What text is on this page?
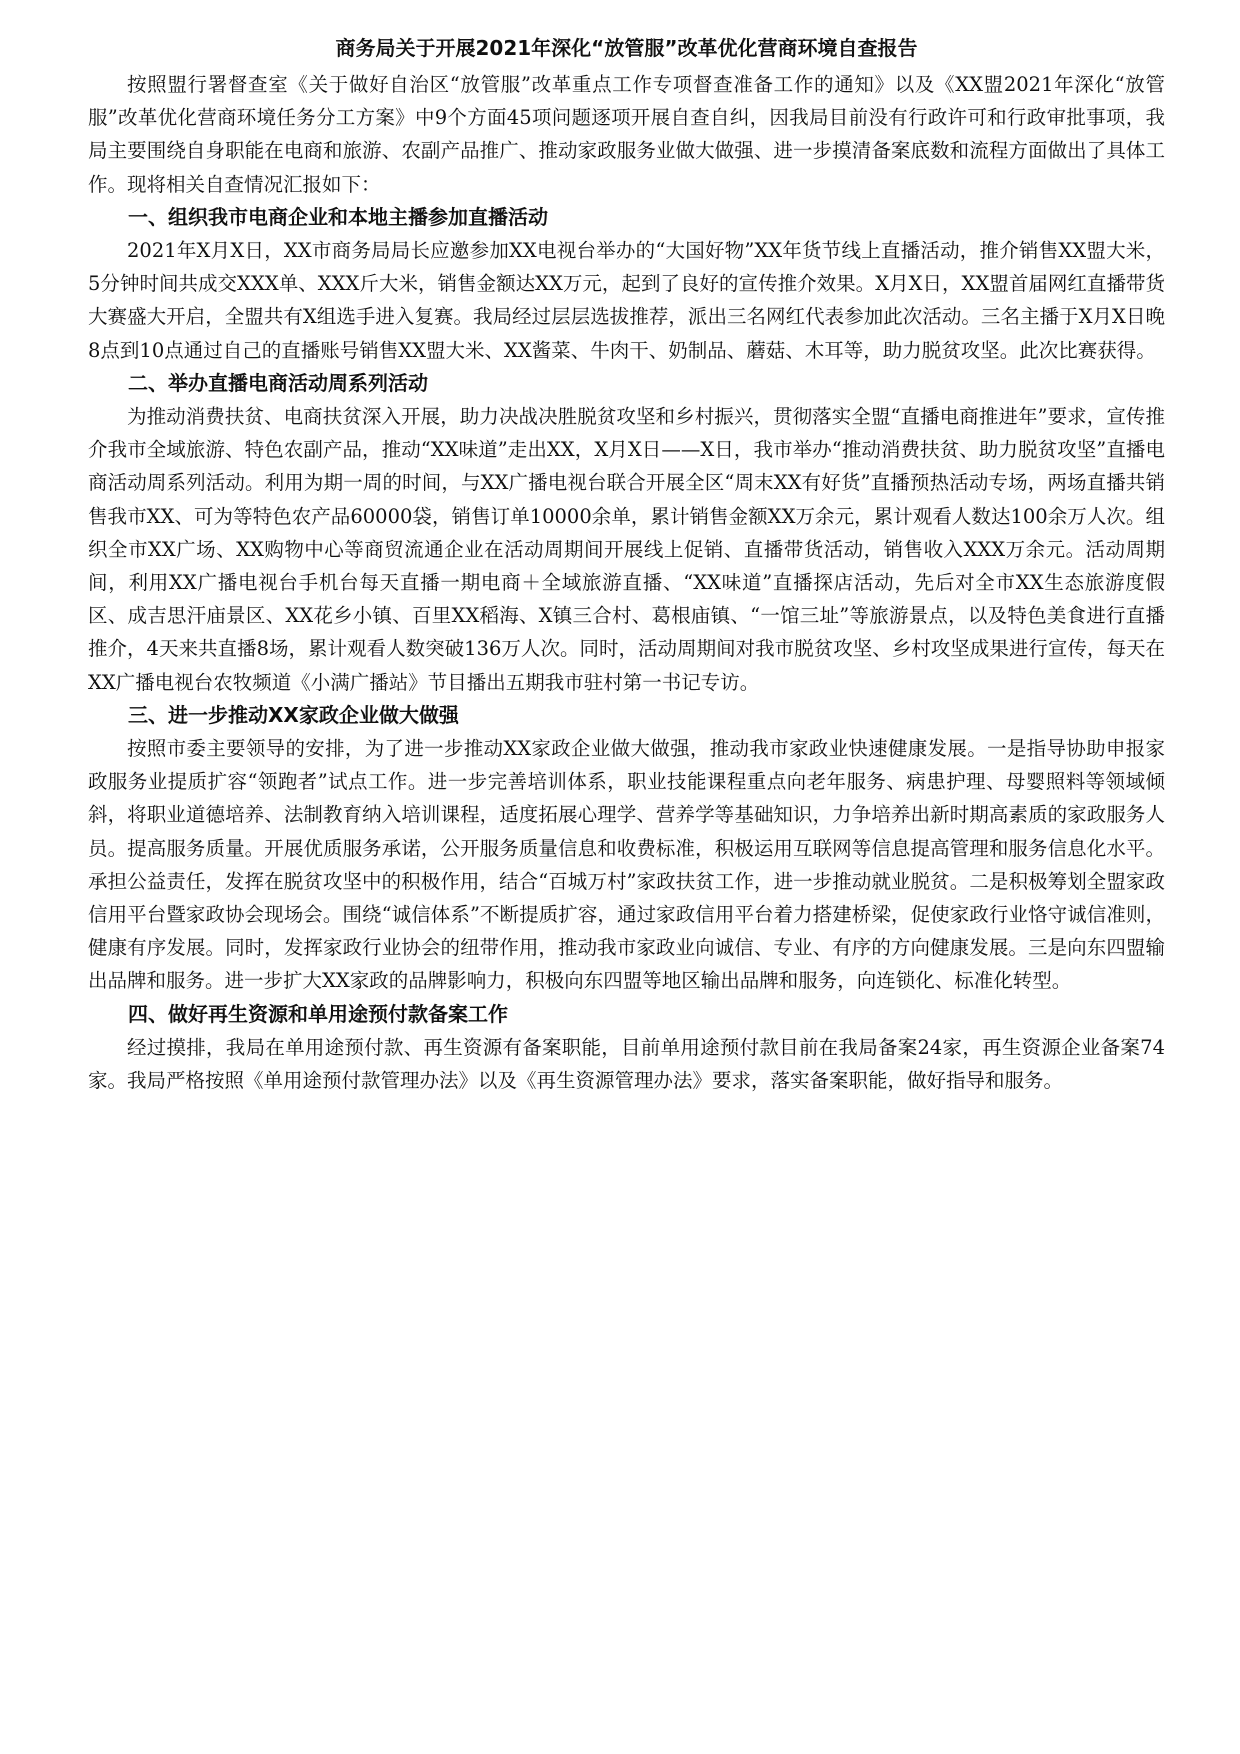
商务局关于开展2021年深化“放管服”改革优化营商环境自查报告

按照盟行署督查室《关于做好自治区“放管服”改革重点工作专项督查准备工作的通知》以及《XX盟2021年深化“放管服”改革优化营商环境任务分工方案》中9个方面45项问题逐项开展自查自纠，因我局目前没有行政许可和行政审批事项，我局主要围绕自身职能在电商和旅游、农副产品推广、推动家政服务业做大做强、进一步摸清备案底数和流程方面做出了具体工作。现将相关自查情况汇报如下：

一、组织我市电商企业和本地主播参加直播活动

2021年X月X日，XX市商务局局长应邀参加XX电视台举办的“大国好物”XX年货节线上直播活动，推介销售XX盟大米，5分钟时间共成交XXX单、XXX斤大米，销售金额达XX万元，起到了良好的宣传推介效果。X月X日，XX盟首届网红直播带货大赛盛大开启，全盟共有X组选手进入复赛。我局经过层层选拔推荐，派出三名网红代表参加此次活动。三名主播于X月X日晚8点到10点通过自己的直播账号销售XX盟大米、XX酱菜、牛肉干、奶制品、蘑菇、木耳等，助力脱贫攻坚。此次比赛获得。

二、举办直播电商活动周系列活动

为推动消费扶贫、电商扶贫深入开展，助力决战决胜脱贫攻坚和乡村振兴，贯彻落实全盟“直播电商推进年”要求，宣传推介我市全域旅游、特色农副产品，推动“XX味道”走出XX，X月X日——X日，我市举办“推动消费扶贫、助力脱贫攻坚”直播电商活动周系列活动。利用为期一周的时间，与XX广播电视台联合开展全区“周末XX有好货”直播预热活动专场，两场直播共销售我市XX、可为等特色农产品60000袋，销售订单10000余单，累计销售金额XX万余元，累计观看人数达100余万人次。组织全市XX广场、XX购物中心等商贸流通企业在活动周期间开展线上促销、直播带货活动，销售收入XXX万余元。活动周期间，利用XX广播电视台手机台每天直播一期电商＋全域旅游直播、“XX味道”直播探店活动，先后对全市XX生态旅游度假区、成吉思汗庙景区、XX花乡小镇、百里XX稻海、X镇三合村、葛根庙镇、“一馆三址”等旅游景点，以及特色美食进行直播推介，4天来共直播8场，累计观看人数突破136万人次。同时，活动周期间对我市脱贫攻坚、乡村攻坚成果进行宣传，每天在XX广播电视台农牧频道《小满广播站》节目播出五期我市驻村第一书记专访。

三、进一步推动XX家政企业做大做强

按照市委主要领导的安排，为了进一步推动XX家政企业做大做强，推动我市家政业快速健康发展。一是指导协助申报家政服务业提质扩容“领跑者”试点工作。进一步完善培训体系，职业技能课程重点向老年服务、病患护理、母婴照料等领域倾斜，将职业道德培养、法制教育纳入培训课程，适度拓展心理学、营养学等基础知识，力争培养出新时期高素质的家政服务人员。提高服务质量。开展优质服务承诺，公开服务质量信息和收费标准，积极运用互联网等信息提高管理和服务信息化水平。承担公益责任，发挥在脱贫攻坚中的积极作用，结合“百城万村”家政扶贫工作，进一步推动就业脱贫。二是积极筹划全盟家政信用平台暨家政协会现场会。围绕“诚信体系”不断提质扩容，通过家政信用平台着力搭建桥梁，促使家政行业恪守诚信准则，健康有序发展。同时，发挥家政行业协会的纽带作用，推动我市家政业向诚信、专业、有序的方向健康发展。三是向东四盟输出品牌和服务。进一步扩大XX家政的品牌影响力，积极向东四盟等地区输出品牌和服务，向连锁化、标准化转型。

四、做好再生资源和单用途预付款备案工作

经过摸排，我局在单用途预付款、再生资源有备案职能，目前单用途预付款目前在我局备案24家，再生资源企业备案74家。我局严格按照《单用途预付款管理办法》以及《再生资源管理办法》要求，落实备案职能，做好指导和服务。
